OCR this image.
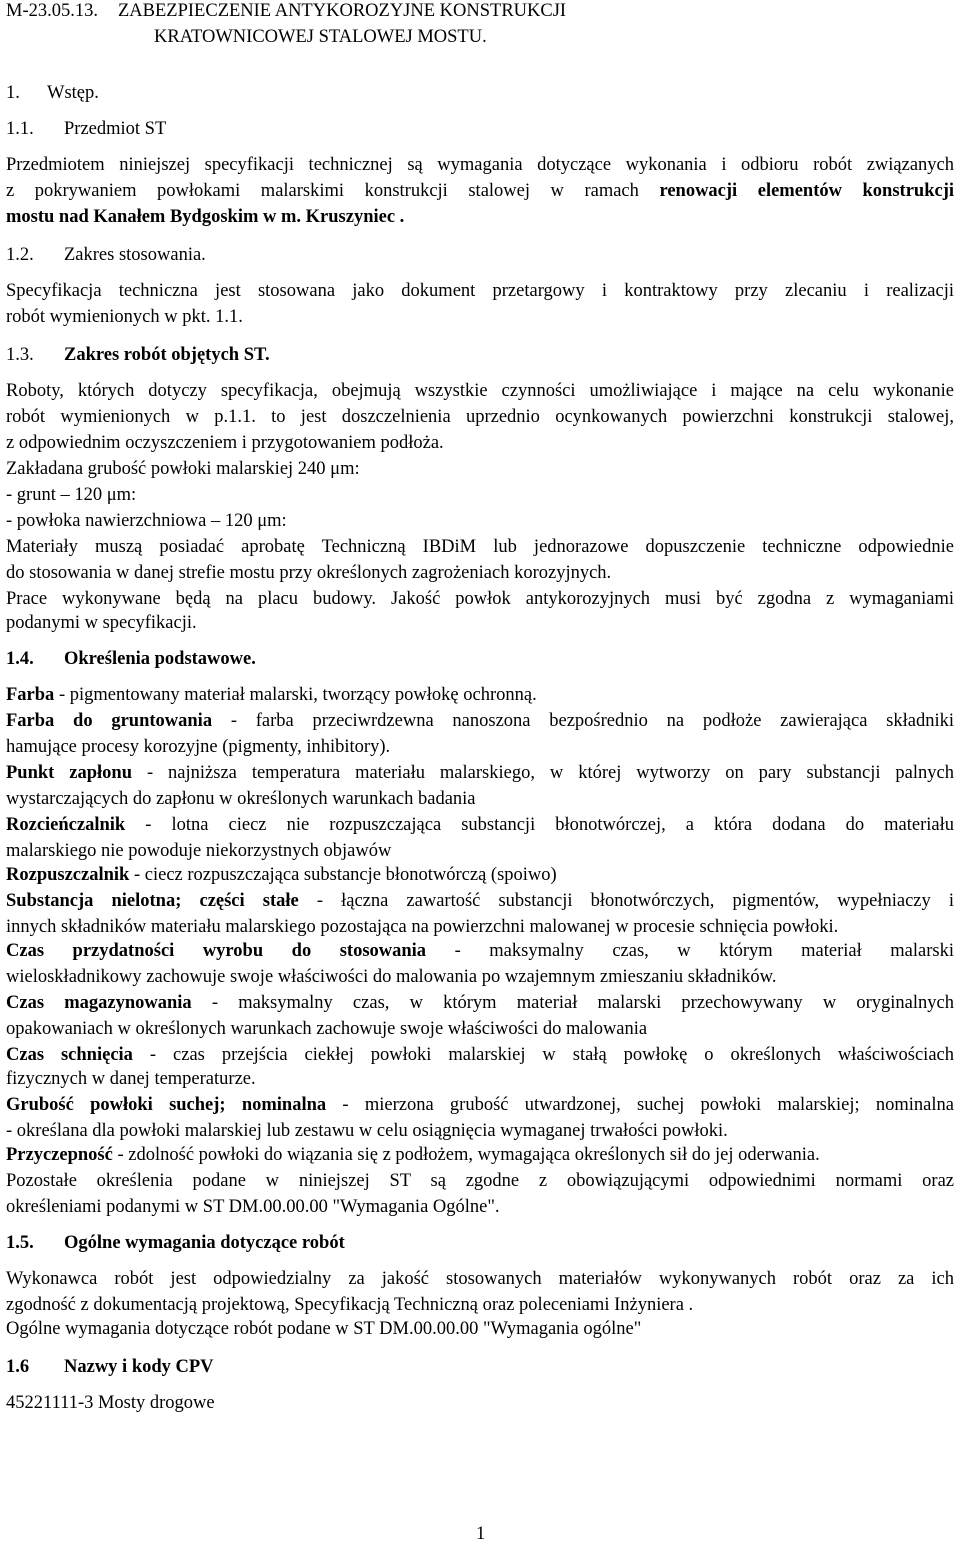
M-23.05.13. ZABEZPIECZENIE ANTYKOROZYJNE KONSTRUKCJI
KRATOWNICOWEJ STALOWEJ MOSTU.
1. Wstęp.
1.1. Przedmiot ST
Przedmiotem niniejszej specyfikacji technicznej są wymagania dotyczące wykonania i odbioru robót związanych
z pokrywaniem powłokami malarskimi konstrukcji stalowej w ramach renowacji elementów konstrukcji
mostu nad Kanałem Bydgoskim w m. Kruszyniec .
1.2. Zakres stosowania.
Specyfikacja techniczna jest stosowana jako dokument przetargowy i kontraktowy przy zlecaniu i realizacji
robót wymienionych w pkt. 1.1.
1.3. Zakres robót objętych ST.
Roboty, których dotyczy specyfikacja, obejmują wszystkie czynności umożliwiające i mające na celu wykonanie
robót wymienionych w p.1.1. to jest doszczelnienia uprzednio ocynkowanych powierzchni konstrukcji stalowej,
z odpowiednim oczyszczeniem i przygotowaniem podłoża.
Zakładana grubość powłoki malarskiej 240 μm:
- grunt – 120 μm:
- powłoka nawierzchniowa – 120 μm:
Materiały muszą posiadać aprobatę Techniczną IBDiM lub jednorazowe dopuszczenie techniczne odpowiednie
do stosowania w danej strefie mostu przy określonych zagrożeniach korozyjnych.
Prace wykonywane będą na placu budowy. Jakość powłok antykorozyjnych musi być zgodna z wymaganiami
podanymi w specyfikacji.
1.4. Określenia podstawowe.
Farba - pigmentowany materiał malarski, tworzący powłokę ochronną.
Farba do gruntowania - farba przeciwrdzewna nanoszona bezpośrednio na podłoże zawierająca składniki
hamujące procesy korozyjne (pigmenty, inhibitory).
Punkt zapłonu - najniższa temperatura materiału malarskiego, w której wytworzy on pary substancji palnych
wystarczających do zapłonu w określonych warunkach badania
Rozcieńczalnik - lotna ciecz nie rozpuszczająca substancji błonotwórczej, a która dodana do materiału
malarskiego nie powoduje niekorzystnych objawów
Rozpuszczalnik - ciecz rozpuszczająca substancje błonotwórczą (spoiwo)
Substancja nielotna; części stałe - łączna zawartość substancji błonotwórczych, pigmentów, wypełniaczy i
innych składników materiału malarskiego pozostająca na powierzchni malowanej w procesie schnięcia powłoki.
Czas przydatności wyrobu do stosowania - maksymalny czas, w którym materiał malarski
wieloskładnikowy zachowuje swoje właściwości do malowania po wzajemnym zmieszaniu składników.
Czas magazynowania - maksymalny czas, w którym materiał malarski przechowywany w oryginalnych
opakowaniach w określonych warunkach zachowuje swoje właściwości do malowania
Czas schnięcia - czas przejścia ciekłej powłoki malarskiej w stałą powłokę o określonych właściwościach
fizycznych w danej temperaturze.
Grubość powłoki suchej; nominalna - mierzona grubość utwardzonej, suchej powłoki malarskiej; nominalna
- określana dla powłoki malarskiej lub zestawu w celu osiągnięcia wymaganej trwałości powłoki.
Przyczepność - zdolność powłoki do wiązania się z podłożem, wymagająca określonych sił do jej oderwania.
Pozostałe określenia podane w niniejszej ST są zgodne z obowiązującymi odpowiednimi normami oraz
określeniami podanymi w ST DM.00.00.00 "Wymagania Ogólne".
1.5. Ogólne wymagania dotyczące robót
Wykonawca robót jest odpowiedzialny za jakość stosowanych materiałów wykonywanych robót oraz za ich
zgodność z dokumentacją projektową, Specyfikacją Techniczną oraz poleceniami Inżyniera .
Ogólne wymagania dotyczące robót podane w ST DM.00.00.00 "Wymagania ogólne"
1.6 Nazwy i kody CPV
45221111-3 Mosty drogowe
1
